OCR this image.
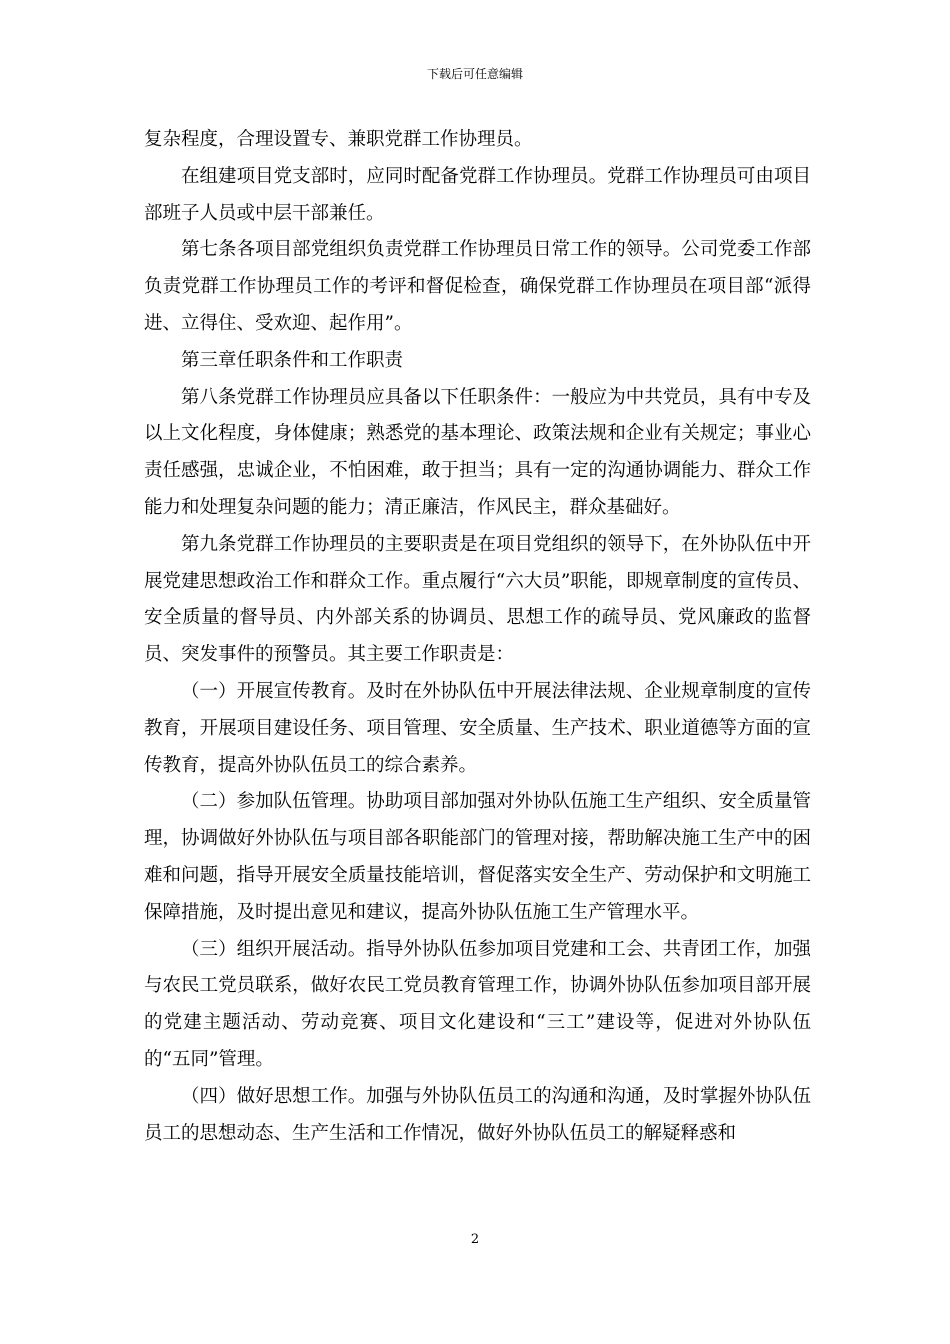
下载后可任意编辑

复杂程度，合理设置专、兼职党群工作协理员。

在组建项目党支部时，应同时配备党群工作协理员。党群工作协理员可由项目部班子人员或中层干部兼任。

第七条各项目部党组织负责党群工作协理员日常工作的领导。公司党委工作部负责党群工作协理员工作的考评和督促检查，确保党群工作协理员在项目部“派得进、立得住、受欢迎、起作用”。

第三章任职条件和工作职责

第八条党群工作协理员应具备以下任职条件：一般应为中共党员，具有中专及以上文化程度，身体健康；熟悉党的基本理论、政策法规和企业有关规定；事业心责任感强，忠诚企业，不怕困难，敢于担当；具有一定的沟通协调能力、群众工作能力和处理复杂问题的能力；清正廉洁，作风民主，群众基础好。

第九条党群工作协理员的主要职责是在项目党组织的领导下，在外协队伍中开展党建思想政治工作和群众工作。重点履行“六大员”职能，即规章制度的宣传员、安全质量的督导员、内外部关系的协调员、思想工作的疏导员、党风廉政的监督员、突发事件的预警员。其主要工作职责是：

（一）开展宣传教育。及时在外协队伍中开展法律法规、企业规章制度的宣传教育，开展项目建设任务、项目管理、安全质量、生产技术、职业道德等方面的宣传教育，提高外协队伍员工的综合素养。

（二）参加队伍管理。协助项目部加强对外协队伍施工生产组织、安全质量管理，协调做好外协队伍与项目部各职能部门的管理对接，帮助解决施工生产中的困难和问题，指导开展安全质量技能培训，督促落实安全生产、劳动保护和文明施工保障措施，及时提出意见和建议，提高外协队伍施工生产管理水平。

（三）组织开展活动。指导外协队伍参加项目党建和工会、共青团工作，加强与农民工党员联系，做好农民工党员教育管理工作，协调外协队伍参加项目部开展的党建主题活动、劳动竞赛、项目文化建设和“三工”建设等，促进对外协队伍的“五同”管理。

（四）做好思想工作。加强与外协队伍员工的沟通和沟通，及时掌握外协队伍员工的思想动态、生产生活和工作情况，做好外协队伍员工的解疑释惑和

2
